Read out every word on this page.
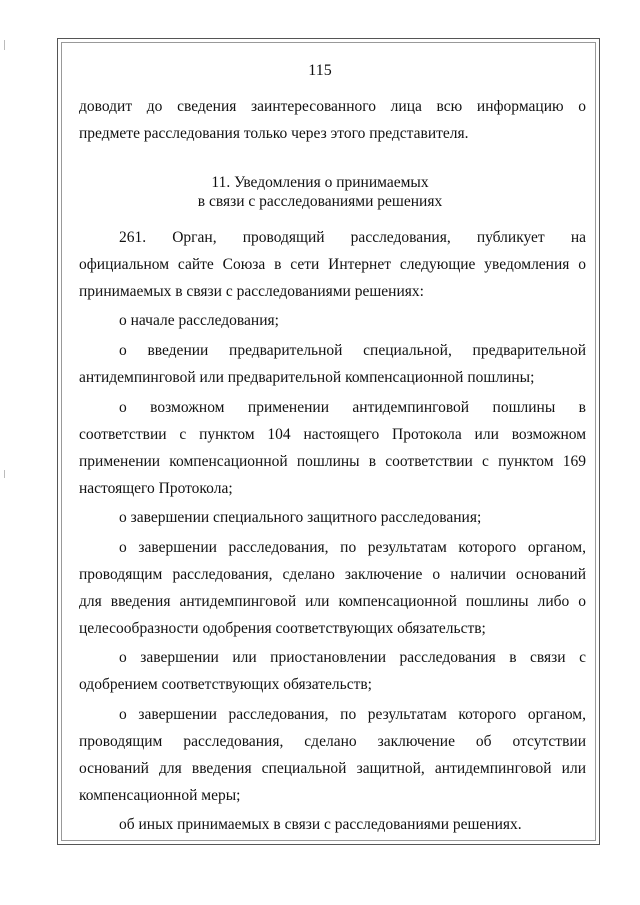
115

доводит до сведения заинтересованного лица всю информацию о

предмете расследования только через этого представителя.

11. Уведомления о принимаемых
в связи с расследованиями решениях

261. Орган, проводящий расследования, публикует на

официальном сайте Союза в сети Интернет следующие уведомления о

принимаемых в связи с расследованиями решениях:

о начале расследования;

о введении предварительной специальной, предварительной

антидемпинговой или предварительной компенсационной пошлины;

о возможном применении антидемпинговой пошлины в

соответствии с пунктом 104 настоящего Протокола или возможном

применении компенсационной пошлины в соответствии с пунктом 169

настоящего Протокола;

о завершении специального защитного расследования;

о завершении расследования, по результатам которого органом,

проводящим расследования, сделано заключение о наличии оснований

для введения антидемпинговой или компенсационной пошлины либо о

целесообразности одобрения соответствующих обязательств;

о завершении или приостановлении расследования в связи с

одобрением соответствующих обязательств;

о завершении расследования, по результатам которого органом,

проводящим расследования, сделано заключение об отсутствии

оснований для введения специальной защитной, антидемпинговой или

компенсационной меры;

об иных принимаемых в связи с расследованиями решениях.
